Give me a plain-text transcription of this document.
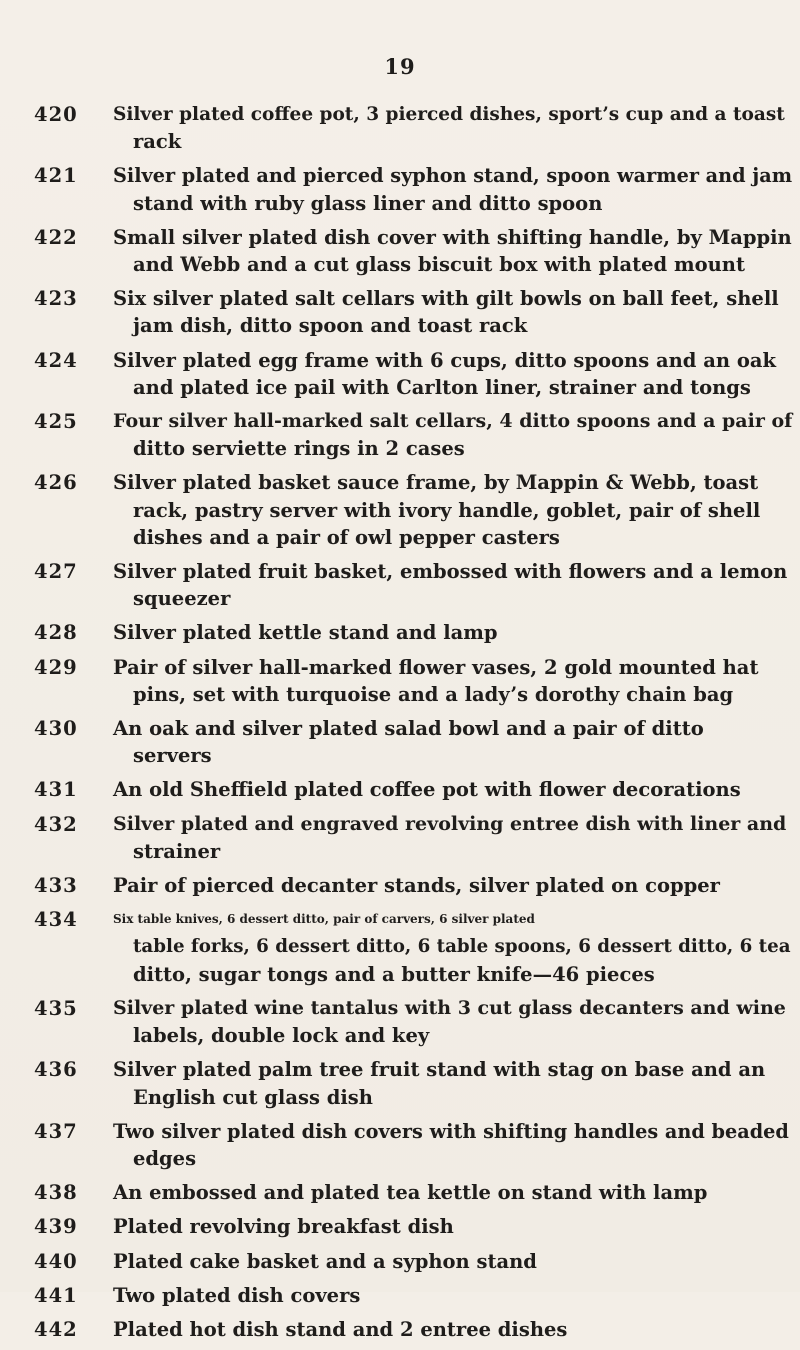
19
420	Silver plated coffee pot, 3 pierced dishes, sport’s cup and a toast
rack
421	Silver plated and pierced syphon stand, spoon warmer and jam
stand with ruby glass liner and ditto spoon
422	Small silver plated dish cover with shifting handle, by Mappin
and Webb and a cut glass biscuit box with plated mount
423	Six silver plated salt cellars with gilt bowls on ball feet, shell
jam dish, ditto spoon and toast rack
424	Silver plated egg frame with 6 cups, ditto spoons and an oak
and plated ice pail with Carlton liner, strainer and tongs
425	Four silver hall-marked salt cellars, 4 ditto spoons and a pair of
ditto serviette rings in 2 cases
426	Silver plated basket sauce frame, by Mappin & Webb, toast
rack, pastry server with ivory handle, goblet, pair of shell
dishes and a pair of owl pepper casters
427	Silver plated fruit basket, embossed with flowers and a lemon
squeezer
428	Silver plated kettle stand and lamp
429	Pair of silver hall-marked flower vases, 2 gold mounted hat
pins, set with turquoise and a lady’s dorothy chain bag
430	An oak and silver plated salad bowl and a pair of ditto
servers
431	An old Sheffield plated coffee pot with flower decorations
432	Silver plated and engraved revolving entree dish with liner and
strainer
433	Pair of pierced decanter stands, silver plated on copper
434	Six table knives, 6 dessert ditto, pair of carvers, 6 silver plated
table forks, 6 dessert ditto, 6 table spoons, 6 dessert ditto, 6 tea
ditto, sugar tongs and a butter knife—46 pieces
435	Silver plated wine tantalus with 3 cut glass decanters and wine
labels, double lock and key
436	Silver plated palm tree fruit stand with stag on base and an
English cut glass dish
437	Two silver plated dish covers with shifting handles and beaded
edges
438	An embossed and plated tea kettle on stand with lamp
439	Plated revolving breakfast dish
440	Plated cake basket and a syphon stand
441	Two plated dish covers
442	Plated hot dish stand and 2 entree dishes
